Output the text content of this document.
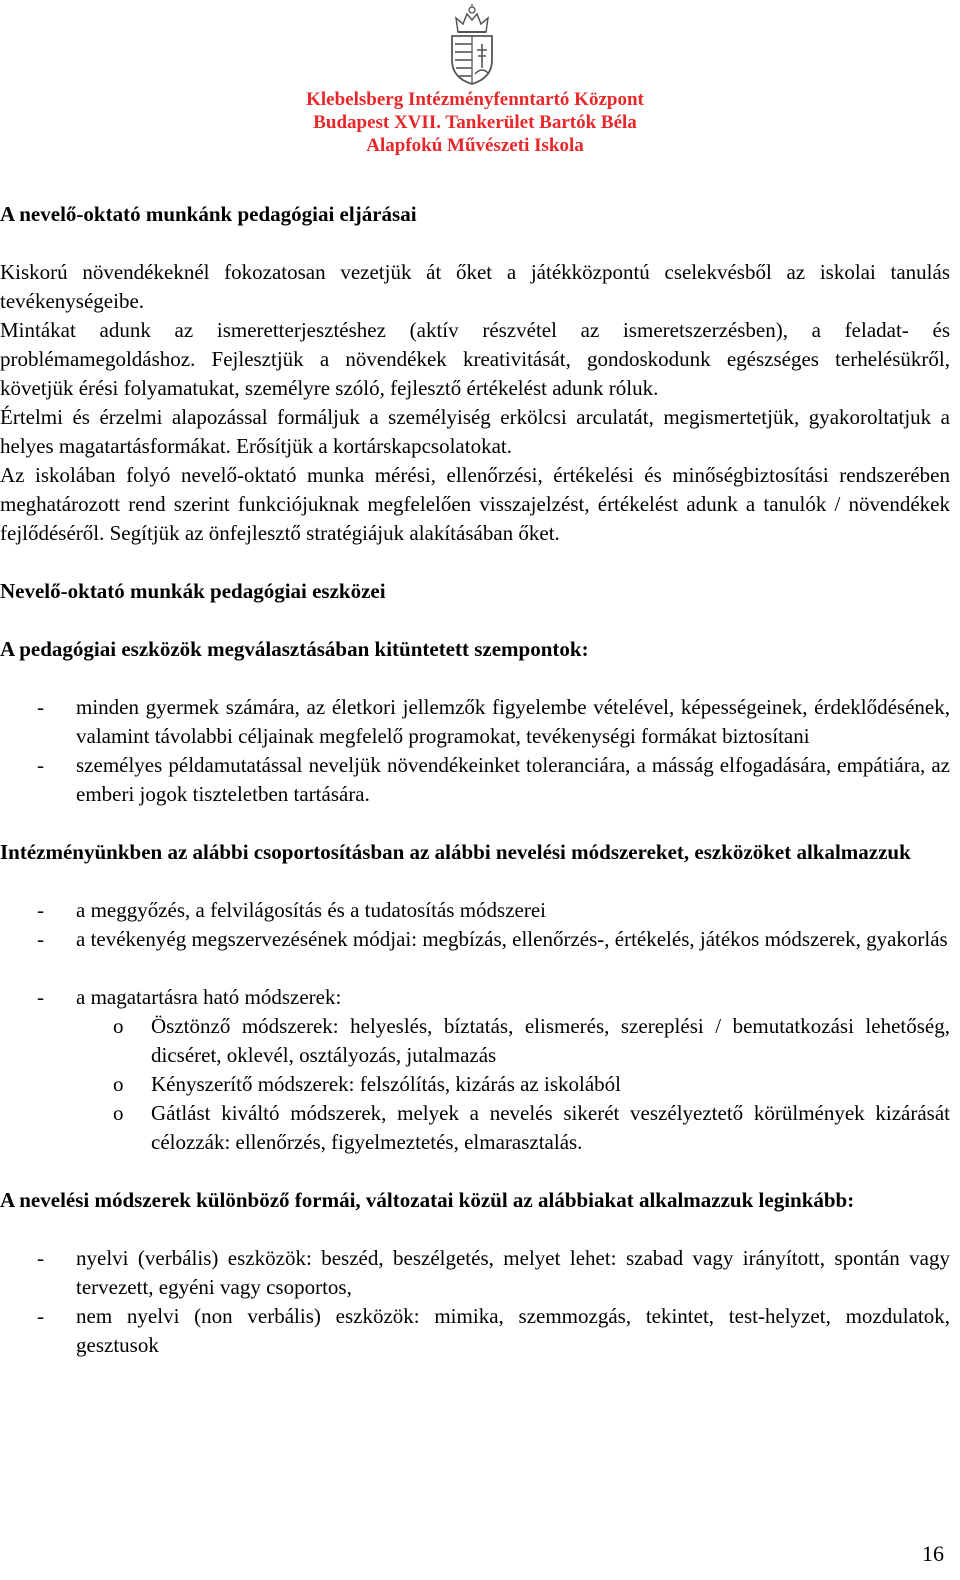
Klebelsberg Intézményfenntartó Központ
Budapest XVII. Tankerület Bartók Béla
Alapfokú Művészeti Iskola
A nevelő-oktató munkánk pedagógiai eljárásai

Kiskorú növendékeknél fokozatosan vezetjük át őket a játékközpontú cselekvésből az iskolai tanulás tevékenységeibe.

Mintákat adunk az ismeretterjesztéshez (aktív részvétel az ismeretszerzésben), a feladat- és problémamegoldáshoz. Fejlesztjük a növendékek kreativitását, gondoskodunk egészséges terhelésükről, követjük érési folyamatukat, személyre szóló, fejlesztő értékelést adunk róluk.

Értelmi és érzelmi alapozással formáljuk a személyiség erkölcsi arculatát, megismertetjük, gyakoroltatjuk a helyes magatartásformákat. Erősítjük a kortárskapcsolatokat.

Az iskolában folyó nevelő-oktató munka mérési, ellenőrzési, értékelési és minőségbiztosítási rendszerében meghatározott rend szerint funkciójuknak megfelelően visszajelzést, értékelést adunk a tanulók / növendékek fejlődéséről. Segítjük az önfejlesztő stratégiájuk alakításában őket.

Nevelő-oktató munkák pedagógiai eszközei
A pedagógiai eszközök megválasztásában kitüntetett szempontok:
- minden gyermek számára, az életkori jellemzők figyelembe vételével, képességeinek, érdeklődésének, valamint távolabbi céljainak megfelelő programokat, tevékenységi formákat biztosítani
- személyes példamutatással neveljük növendékeinket toleranciára, a másság elfogadására, empátiára, az emberi jogok tiszteletben tartására.
Intézményünkben az alábbi csoportosításban az alábbi nevelési módszereket, eszközöket alkalmazzuk
- a meggyőzés, a felvilágosítás és a tudatosítás módszerei
- a tevékenyég megszervezésének módjai: megbízás, ellenőrzés-, értékelés, játékos módszerek, gyakorlás
- a magatartásra ható módszerek:
o Ösztönző módszerek: helyeslés, bíztatás, elismerés, szereplési / bemutatkozási lehetőség, dicséret, oklevél, osztályozás, jutalmazás
o Kényszerítő módszerek: felszólítás, kizárás az iskolából
o Gátlást kiváltó módszerek, melyek a nevelés sikerét veszélyeztető körülmények kizárását célozzák: ellenőrzés, figyelmeztetés, elmarasztalás.
A nevelési módszerek különböző formái, változatai közül az alábbiakat alkalmazzuk leginkább:
- nyelvi (verbális) eszközök: beszéd, beszélgetés, melyet lehet: szabad vagy irányított, spontán vagy tervezett, egyéni vagy csoportos,
- nem nyelvi (non verbális) eszközök: mimika, szemmozgás, tekintet, test-helyzet, mozdulatok, gesztusok
16
